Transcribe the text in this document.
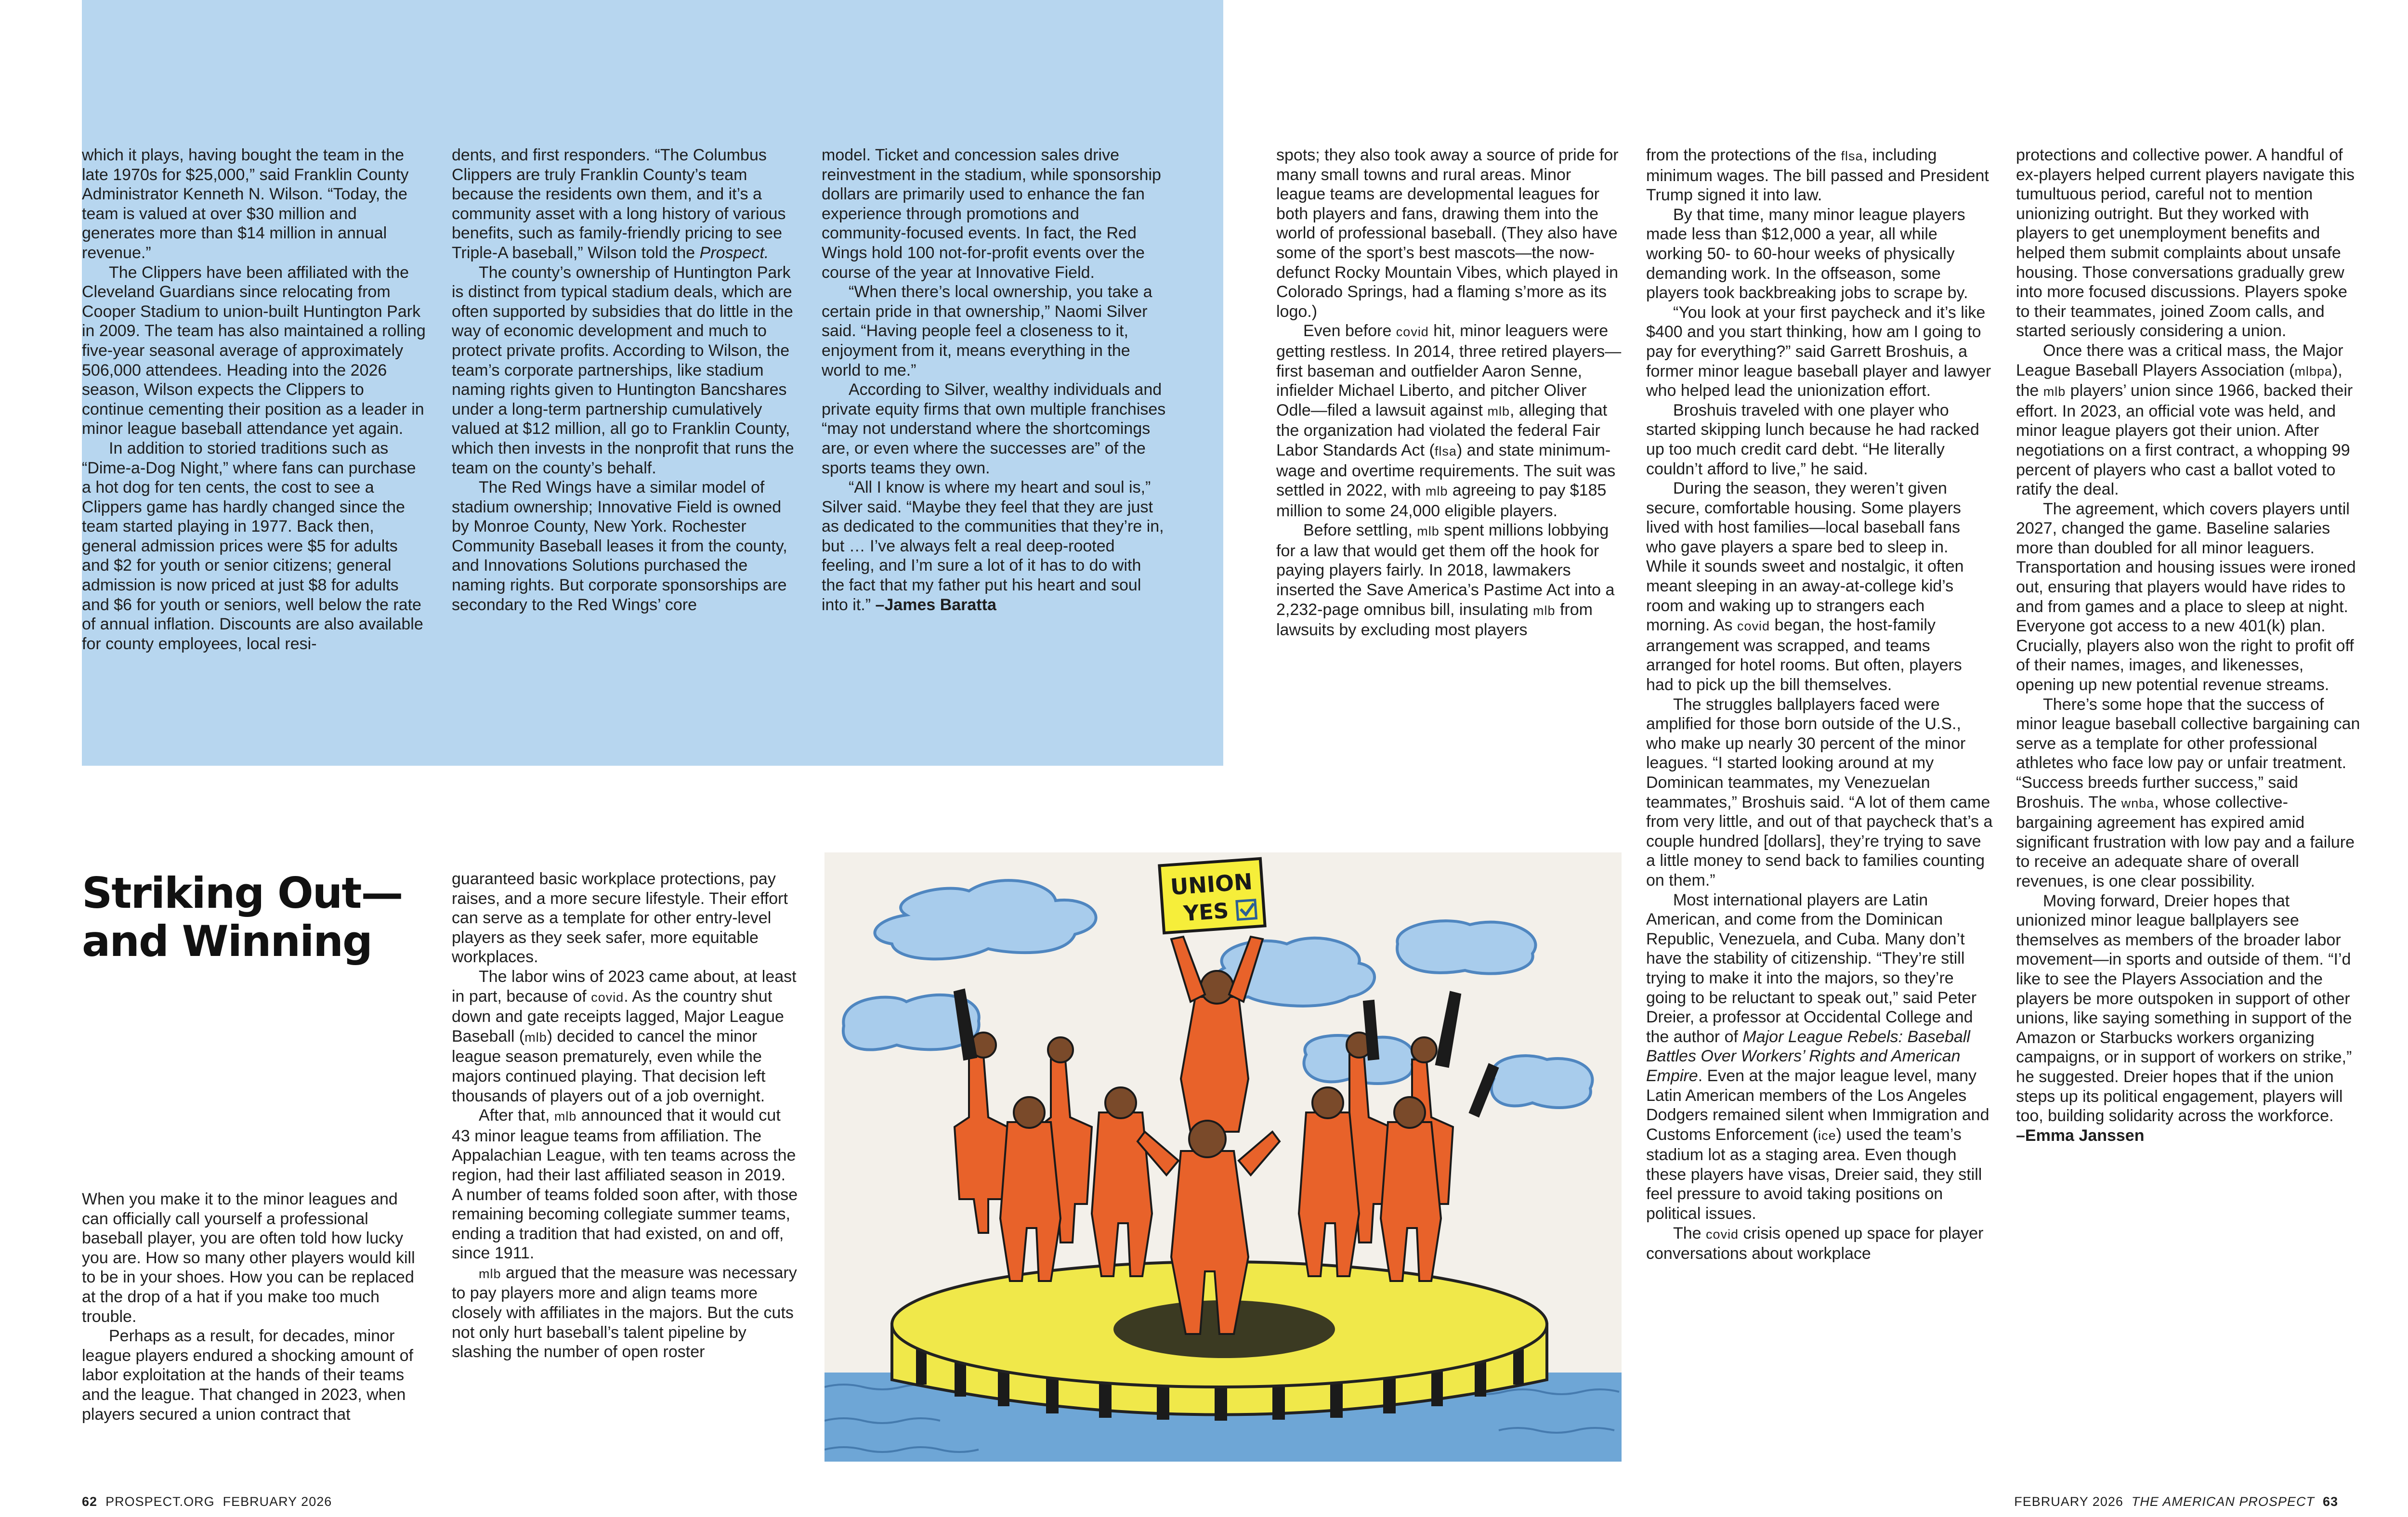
which it plays, having bought the team in the late 1970s for $25,000,” said Franklin County Administrator Kenneth N. Wilson. “Today, the team is valued at over $30 million and generates more than $14 million in annual revenue.”

The Clippers have been affiliated with the Cleveland Guardians since relocating from Cooper Stadium to union-built Huntington Park in 2009. The team has also maintained a rolling five-year seasonal average of approximately 506,000 attendees. Heading into the 2026 season, Wilson expects the Clippers to continue cementing their position as a leader in minor league baseball attendance yet again.

In addition to storied traditions such as “Dime-a-Dog Night,” where fans can purchase a hot dog for ten cents, the cost to see a Clippers game has hardly changed since the team started playing in 1977. Back then, general admission prices were $5 for adults and $2 for youth or senior citizens; general admission is now priced at just $8 for adults and $6 for youth or seniors, well below the rate of annual inflation. Discounts are also available for county employees, local resi-

dents, and first responders. “The Columbus Clippers are truly Franklin County’s team because the residents own them, and it’s a community asset with a long history of various benefits, such as family-friendly pricing to see Triple-A baseball,” Wilson told the Prospect.

The county’s ownership of Huntington Park is distinct from typical stadium deals, which are often supported by subsidies that do little in the way of economic development and much to protect private profits. According to Wilson, the team’s corporate partnerships, like stadium naming rights given to Huntington Bancshares under a long-term partnership cumulatively valued at $12 million, all go to Franklin County, which then invests in the nonprofit that runs the team on the county’s behalf.

The Red Wings have a similar model of stadium ownership; Innovative Field is owned by Monroe County, New York. Rochester Community Baseball leases it from the county, and Innovations Solutions purchased the naming rights. But corporate sponsorships are secondary to the Red Wings’ core

model. Ticket and concession sales drive reinvestment in the stadium, while sponsorship dollars are primarily used to enhance the fan experience through promotions and community-focused events. In fact, the Red Wings hold 100 not-for-profit events over the course of the year at Innovative Field.

“When there’s local ownership, you take a certain pride in that ownership,” Naomi Silver said. “Having people feel a closeness to it, enjoyment from it, means everything in the world to me.”

According to Silver, wealthy individuals and private equity firms that own multiple franchises “may not understand where the shortcomings are, or even where the successes are” of the sports teams they own.

“All I know is where my heart and soul is,” Silver said. “Maybe they feel that they are just as dedicated to the communities that they’re in, but … I’ve always felt a real deep-rooted feeling, and I’m sure a lot of it has to do with the fact that my father put his heart and soul into it.” –James Baratta

Striking Out—
and Winning

When you make it to the minor leagues and can officially call yourself a professional baseball player, you are often told how lucky you are. How so many other players would kill to be in your shoes. How you can be replaced at the drop of a hat if you make too much trouble.

Perhaps as a result, for decades, minor league players endured a shocking amount of labor exploitation at the hands of their teams and the league. That changed in 2023, when players secured a union contract that

guaranteed basic workplace protections, pay raises, and a more secure lifestyle. Their effort can serve as a template for other entry-level players as they seek safer, more equitable workplaces.

The labor wins of 2023 came about, at least in part, because of covid. As the country shut down and gate receipts lagged, Major League Baseball (mlb) decided to cancel the minor league season prematurely, even while the majors continued playing. That decision left thousands of players out of a job overnight.

After that, mlb announced that it would cut 43 minor league teams from affiliation. The Appalachian League, with ten teams across the region, had their last affiliated season in 2019. A number of teams folded soon after, with those remaining becoming collegiate summer teams, ending a tradition that had existed, on and off, since 1911.

mlb argued that the measure was necessary to pay players more and align teams more closely with affiliates in the majors. But the cuts not only hurt baseball’s talent pipeline by slashing the number of open roster

UNION
YES
62 PROSPECT.ORG FEBRUARY 2026

spots; they also took away a source of pride for many small towns and rural areas. Minor league teams are developmental leagues for both players and fans, drawing them into the world of professional baseball. (They also have some of the sport’s best mascots—the now-defunct Rocky Mountain Vibes, which played in Colorado Springs, had a flaming s’more as its logo.)

Even before covid hit, minor leaguers were getting restless. In 2014, three retired players—first baseman and outfielder Aaron Senne, infielder Michael Liberto, and pitcher Oliver Odle—filed a lawsuit against mlb, alleging that the organization had violated the federal Fair Labor Standards Act (flsa) and state minimum-wage and overtime requirements. The suit was settled in 2022, with mlb agreeing to pay $185 million to some 24,000 eligible players.

Before settling, mlb spent millions lobbying for a law that would get them off the hook for paying players fairly. In 2018, lawmakers inserted the Save America’s Pastime Act into a 2,232-page omnibus bill, insulating mlb from lawsuits by excluding most players

from the protections of the flsa, including minimum wages. The bill passed and President Trump signed it into law.

By that time, many minor league players made less than $12,000 a year, all while working 50- to 60-hour weeks of physically demanding work. In the offseason, some players took backbreaking jobs to scrape by.

“You look at your first paycheck and it’s like $400 and you start thinking, how am I going to pay for everything?” said Garrett Broshuis, a former minor league baseball player and lawyer who helped lead the unionization effort.

Broshuis traveled with one player who started skipping lunch because he had racked up too much credit card debt. “He literally couldn’t afford to live,” he said.

During the season, they weren’t given secure, comfortable housing. Some players lived with host families—local baseball fans who gave players a spare bed to sleep in. While it sounds sweet and nostalgic, it often meant sleeping in an away-at-college kid’s room and waking up to strangers each morning. As covid began, the host-family arrangement was scrapped, and teams arranged for hotel rooms. But often, players had to pick up the bill themselves.

The struggles ballplayers faced were amplified for those born outside of the U.S., who make up nearly 30 percent of the minor leagues. “I started looking around at my Dominican teammates, my Venezuelan teammates,” Broshuis said. “A lot of them came from very little, and out of that paycheck that’s a couple hundred [dollars], they’re trying to save a little money to send back to families counting on them.”

Most international players are Latin American, and come from the Dominican Republic, Venezuela, and Cuba. Many don’t have the stability of citizenship. “They’re still trying to make it into the majors, so they’re going to be reluctant to speak out,” said Peter Dreier, a professor at Occidental College and the author of Major League Rebels: Baseball Battles Over Workers’ Rights and American Empire. Even at the major league level, many Latin American members of the Los Angeles Dodgers remained silent when Immigration and Customs Enforcement (ice) used the team’s stadium lot as a staging area. Even though these players have visas, Dreier said, they still feel pressure to avoid taking positions on political issues.

The covid crisis opened up space for player conversations about workplace

protections and collective power. A handful of ex-players helped current players navigate this tumultuous period, careful not to mention unionizing outright. But they worked with players to get unemployment benefits and helped them submit complaints about unsafe housing. Those conversations gradually grew into more focused discussions. Players spoke to their teammates, joined Zoom calls, and started seriously considering a union.

Once there was a critical mass, the Major League Baseball Players Association (mlbpa), the mlb players’ union since 1966, backed their effort. In 2023, an official vote was held, and minor league players got their union. After negotiations on a first contract, a whopping 99 percent of players who cast a ballot voted to ratify the deal.

The agreement, which covers players until 2027, changed the game. Baseline salaries more than doubled for all minor leaguers. Transportation and housing issues were ironed out, ensuring that players would have rides to and from games and a place to sleep at night. Everyone got access to a new 401(k) plan. Crucially, players also won the right to profit off of their names, images, and likenesses, opening up new potential revenue streams.

There’s some hope that the success of minor league baseball collective bargaining can serve as a template for other professional athletes who face low pay or unfair treatment. “Success breeds further success,” said Broshuis. The wnba, whose collective-bargaining agreement has expired amid significant frustration with low pay and a failure to receive an adequate share of overall revenues, is one clear possibility.

Moving forward, Dreier hopes that unionized minor league ballplayers see themselves as members of the broader labor movement—in sports and outside of them. “I’d like to see the Players Association and the players be more outspoken in support of other unions, like saying something in support of the Amazon or Starbucks workers organizing campaigns, or in support of workers on strike,” he suggested. Dreier hopes that if the union steps up its political engagement, players will too, building solidarity across the workforce.

–Emma Janssen

FEBRUARY 2026 THE AMERICAN PROSPECT 63
